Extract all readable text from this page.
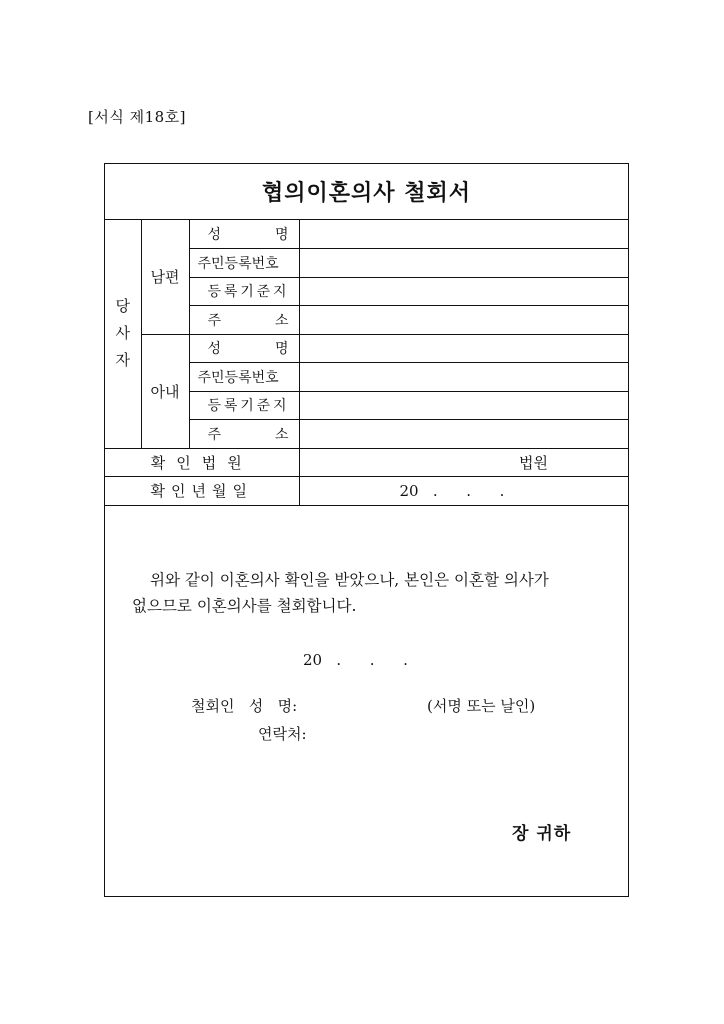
[서식 제18호]
협의이혼의사 철회서
당
사
자	남편	성 명	

		주민등록번호	

		등 록 기 준 지	

		주 소	

	아내	성 명	

		주민등록번호	

		등 록 기 준 지	

		주 소	

확인법원			법원
확인년월일			20   .      .      .
위와 같이 이혼의사 확인을 받았으나, 본인은 이혼할 의사가
없으므로 이혼의사를 철회합니다.
20   .      .      .
철회인 성   명:	(서명 또는 날인)
연락처:
장 귀하
